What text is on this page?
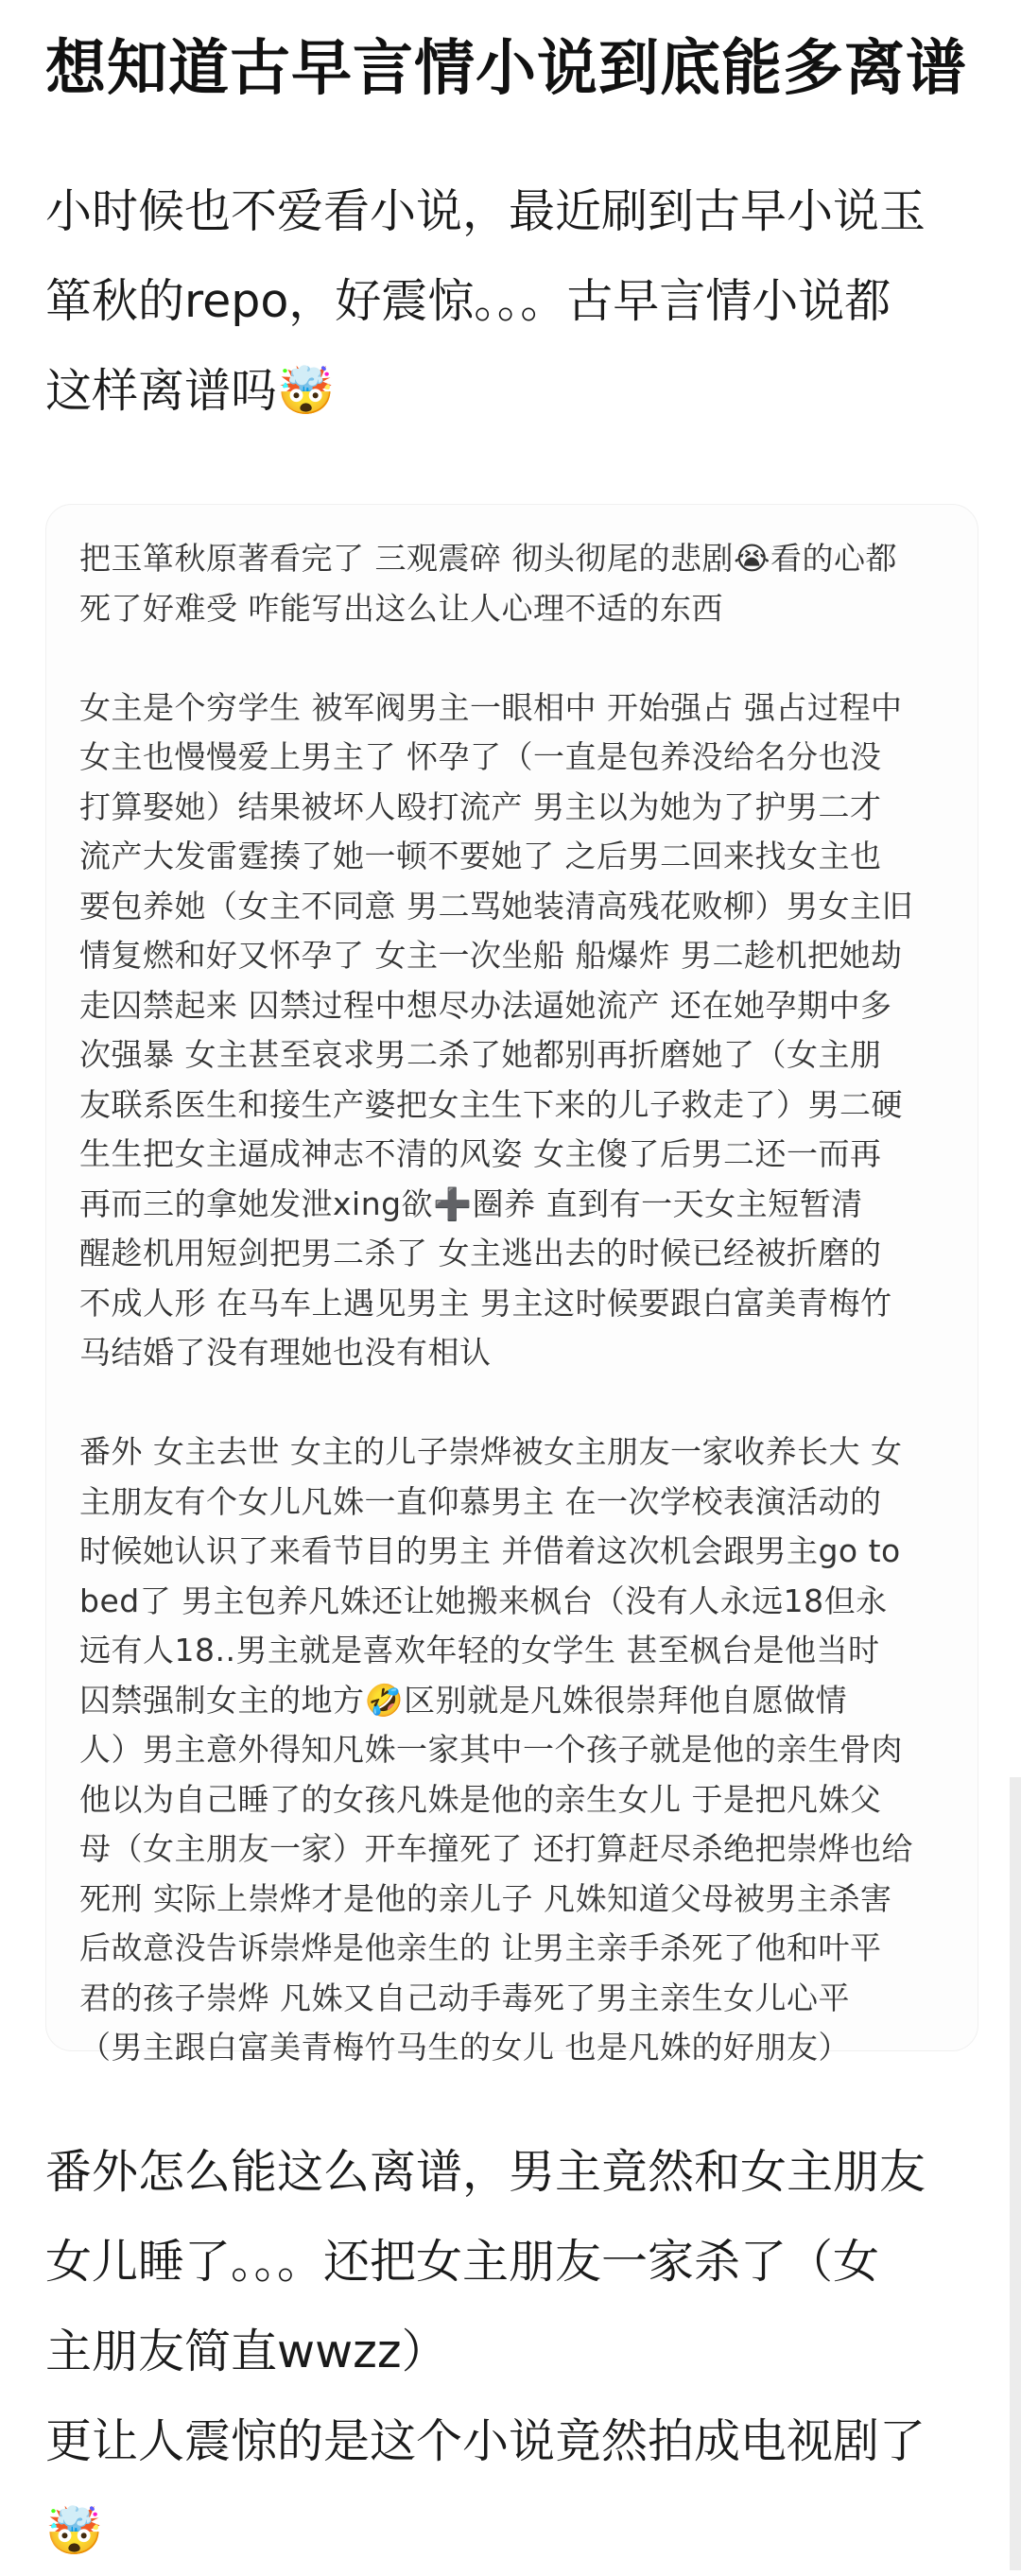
想知道古早言情小说到底能多离谱
小时候也不爱看小说，最近刷到古早小说玉
箪秋的repo，好震惊。。。古早言情小说都
这样离谱吗🤯
把玉箪秋原著看完了 三观震碎 彻头彻尾的悲剧😭看的心都
死了好难受 咋能写出这么让人心理不适的东西
女主是个穷学生 被军阀男主一眼相中 开始强占 强占过程中
女主也慢慢爱上男主了 怀孕了（一直是包养没给名分也没
打算娶她）结果被坏人殴打流产 男主以为她为了护男二才
流产大发雷霆揍了她一顿不要她了 之后男二回来找女主也
要包养她（女主不同意 男二骂她装清高残花败柳）男女主旧
情复燃和好又怀孕了 女主一次坐船 船爆炸 男二趁机把她劫
走囚禁起来 囚禁过程中想尽办法逼她流产 还在她孕期中多
次强暴 女主甚至哀求男二杀了她都别再折磨她了（女主朋
友联系医生和接生产婆把女主生下来的儿子救走了）男二硬
生生把女主逼成神志不清的风姿 女主傻了后男二还一而再
再而三的拿她发泄xing欲➕圈养 直到有一天女主短暂清
醒趁机用短剑把男二杀了 女主逃出去的时候已经被折磨的
不成人形 在马车上遇见男主 男主这时候要跟白富美青梅竹
马结婚了没有理她也没有相认
番外 女主去世 女主的儿子崇烨被女主朋友一家收养长大 女
主朋友有个女儿凡姝一直仰慕男主 在一次学校表演活动的
时候她认识了来看节目的男主 并借着这次机会跟男主go to
bed了 男主包养凡姝还让她搬来枫台（没有人永远18但永
远有人18..男主就是喜欢年轻的女学生 甚至枫台是他当时
囚禁强制女主的地方🤣区别就是凡姝很崇拜他自愿做情
人）男主意外得知凡姝一家其中一个孩子就是他的亲生骨肉
他以为自己睡了的女孩凡姝是他的亲生女儿 于是把凡姝父
母（女主朋友一家）开车撞死了 还打算赶尽杀绝把崇烨也给
死刑 实际上崇烨才是他的亲儿子 凡姝知道父母被男主杀害
后故意没告诉崇烨是他亲生的 让男主亲手杀死了他和叶平
君的孩子崇烨 凡姝又自己动手毒死了男主亲生女儿心平
（男主跟白富美青梅竹马生的女儿 也是凡姝的好朋友）
番外怎么能这么离谱，男主竟然和女主朋友
女儿睡了。。。还把女主朋友一家杀了（女
主朋友简直wwzz）
更让人震惊的是这个小说竟然拍成电视剧了
🤯
